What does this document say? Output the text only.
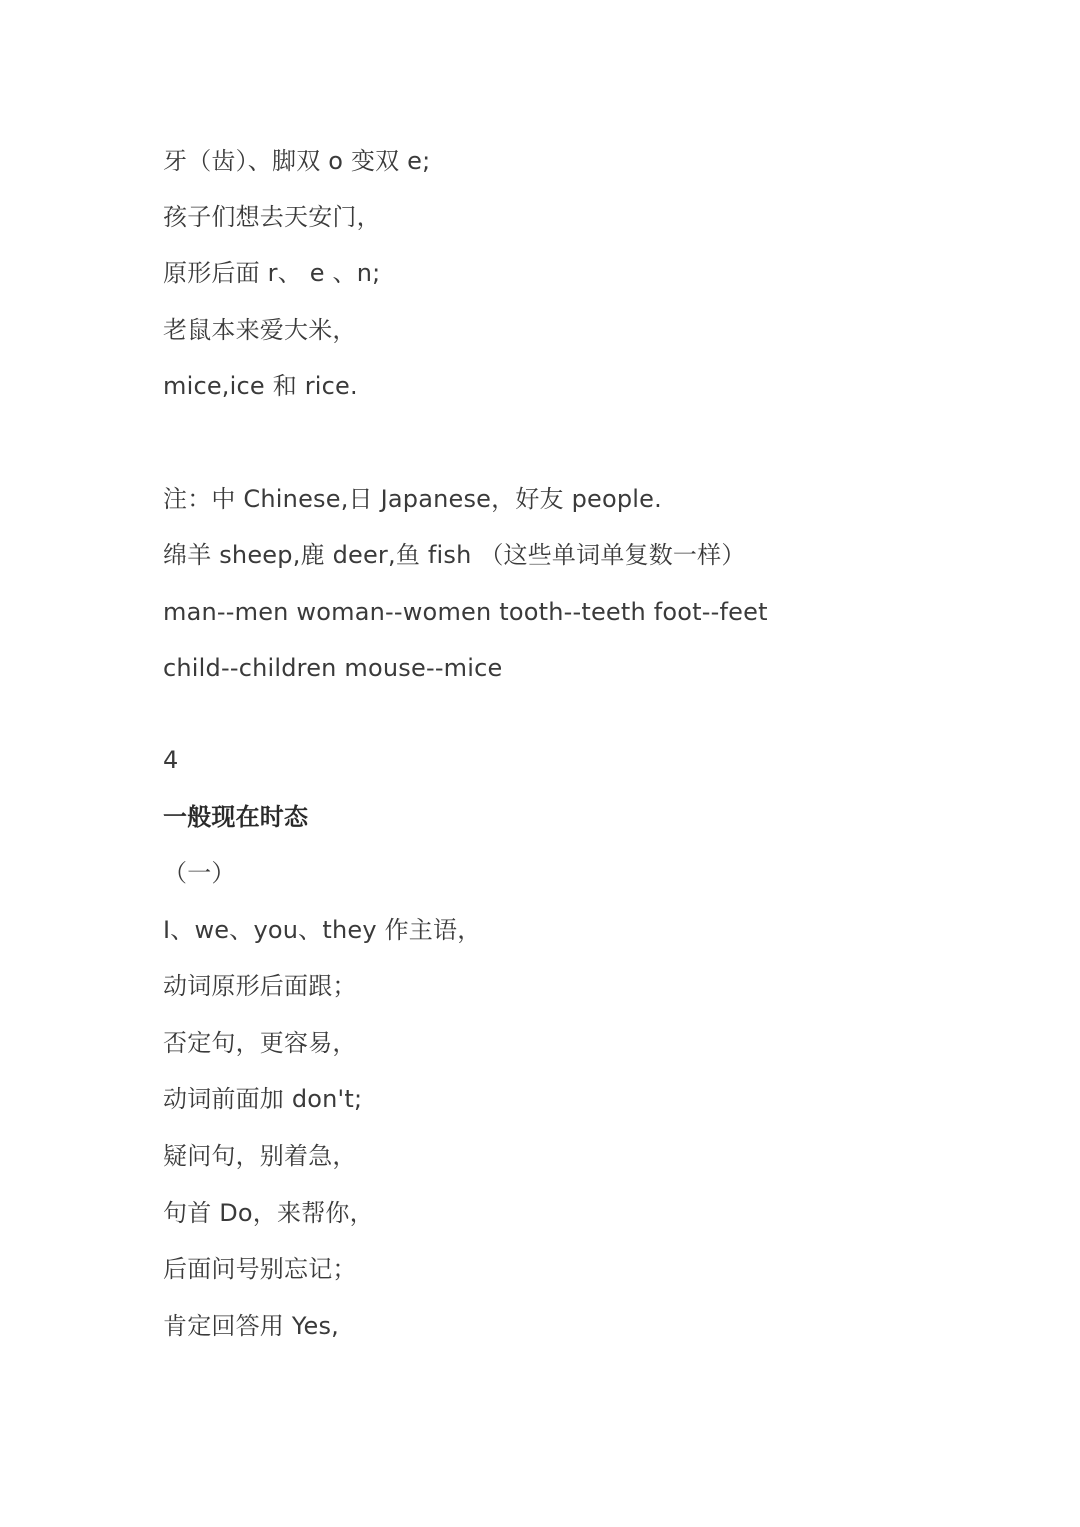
牙（齿）、脚双 o 变双 e;
孩子们想去天安门，
原形后面 r、 e 、n;
老鼠本来爱大米，
mice,ice 和 rice.
注：中 Chinese,日 Japanese，好友 people.
绵羊 sheep,鹿 deer,鱼 fish （这些单词单复数一样）
man--men woman--women tooth--teeth foot--feet
child--children mouse--mice
4
一般现在时态
（一）
I、we、you、they 作主语，
动词原形后面跟；
否定句，更容易，
动词前面加 don't;
疑问句，别着急，
句首 Do，来帮你，
后面问号别忘记；
肯定回答用 Yes,
